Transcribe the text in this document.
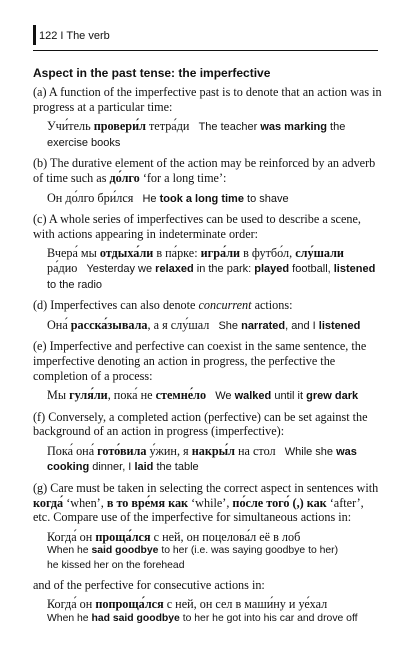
122 I The verb
Aspect in the past tense: the imperfective
(a) A function of the imperfective past is to denote that an action was in progress at a particular time:
Учи́тель провери́л тетра́ди The teacher was marking the exercise books
(b) The durative element of the action may be reinforced by an adverb of time such as до́лго ‘for a long time’:
Он до́лго бри́лся He took a long time to shave
(c) A whole series of imperfectives can be used to describe a scene, with actions appearing in indeterminate order:
Вчера́ мы отдыха́ли в па́рке: игра́ли в футбо́л, слу́шали ра́дио Yesterday we relaxed in the park: played football, listened to the radio
(d) Imperfectives can also denote concurrent actions:
Она́ расска́зывала, а я слу́шал She narrated, and I listened
(e) Imperfective and perfective can coexist in the same sentence, the imperfective denoting an action in progress, the perfective the completion of a process:
Мы гуля́ли, пока́ не стемне́ло We walked until it grew dark
(f) Conversely, a completed action (perfective) can be set against the background of an action in progress (imperfective):
Пока́ она́ гото́вила у́жин, я накры́л на стол While she was cooking dinner, I laid the table
(g) Care must be taken in selecting the correct aspect in sentences with когда́ ‘when’, в то вре́мя как ‘while’, по́сле того́ (,) как ‘after’, etc. Compare use of the imperfective for simultaneous actions in:
Когда́ он проща́лся с ней, он поцелова́л её в лоб
When he said goodbye to her (i.e. was saying goodbye to her)
he kissed her on the forehead
and of the perfective for consecutive actions in:
Когда́ он попроща́лся с ней, он сел в маши́ну и уе́хал
When he had said goodbye to her he got into his car and drove off
